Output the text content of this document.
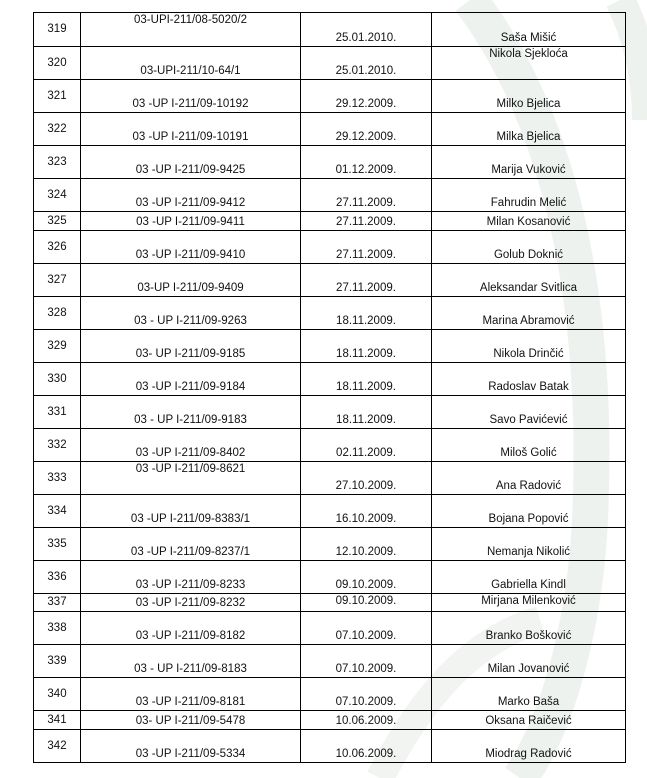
319	03-UPI-211/08-5020/2	25.01.2010.	Saša Mišić
320	03-UPI-211/10-64/1	25.01.2010.	Nikola Sjekloća
321	03 -UP I-211/09-10192	29.12.2009.	Milko Bjelica
322	03 -UP I-211/09-10191	29.12.2009.	Milka Bjelica
323	03 -UP I-211/09-9425	01.12.2009.	Marija Vuković
324	03 -UP I-211/09-9412	27.11.2009.	Fahrudin Melić
325	03 -UP I-211/09-9411	27.11.2009.	Milan Kosanović
326	03 -UP I-211/09-9410	27.11.2009.	Golub Doknić
327	03-UP I-211/09-9409	27.11.2009.	Aleksandar Svitlica
328	03 - UP I-211/09-9263	18.11.2009.	Marina Abramović
329	03- UP I-211/09-9185	18.11.2009.	Nikola Drinčić
330	03 -UP I-211/09-9184	18.11.2009.	Radoslav Batak
331	03 - UP I-211/09-9183	18.11.2009.	Savo Pavićević
332	03 -UP I-211/09-8402	02.11.2009.	Miloš Golić
333	03 -UP I-211/09-8621	27.10.2009.	Ana Radović
334	03 -UP I-211/09-8383/1	16.10.2009.	Bojana Popović
335	03 -UP I-211/09-8237/1	12.10.2009.	Nemanja Nikolić
336	03 -UP I-211/09-8233	09.10.2009.	Gabriella Kindl
337	03 -UP I-211/09-8232	09.10.2009.	Mirjana Milenković
338	03 -UP I-211/09-8182	07.10.2009.	Branko Bošković
339	03 - UP I-211/09-8183	07.10.2009.	Milan Jovanović
340	03 -UP I-211/09-8181	07.10.2009.	Marko Baša
341	03- UP I-211/09-5478	10.06.2009.	Oksana Raičević
342	03 -UP I-211/09-5334	10.06.2009.	Miodrag Radović
